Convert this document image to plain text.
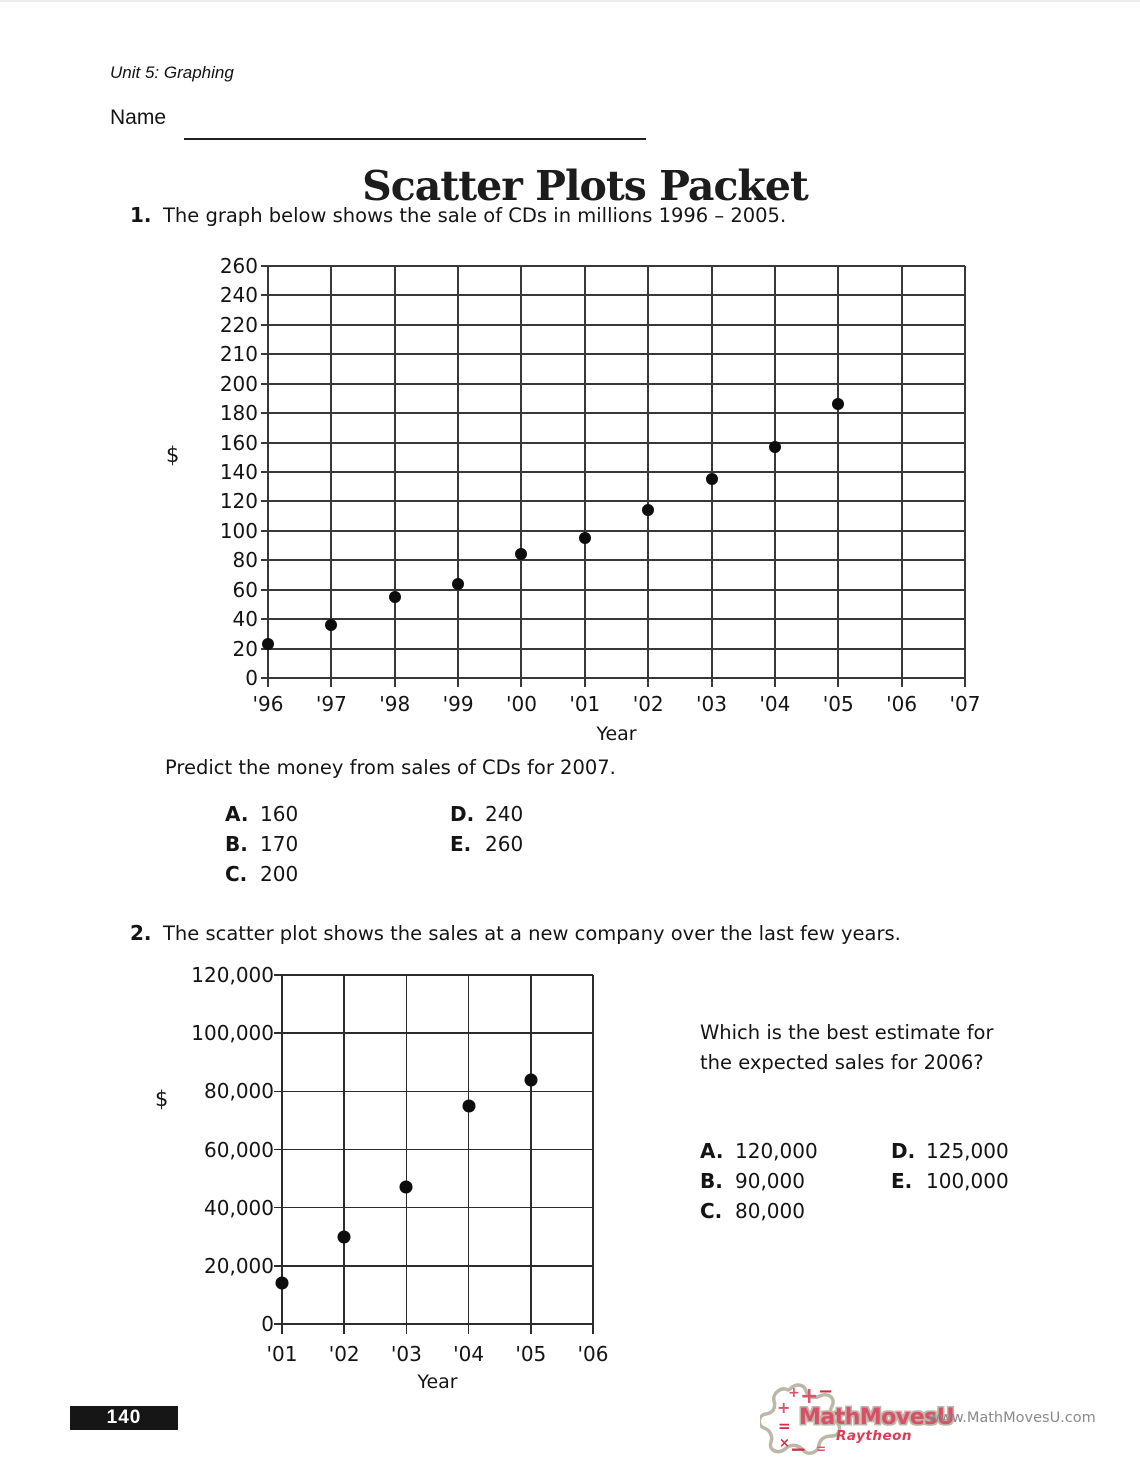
Unit 5: Graphing
Name
Scatter Plots Packet
1. The graph below shows the sale of CDs in millions 1996 – 2005.
260
240
220
210
200
180
160
140
120
100
80
60
40
20
0
$
'96 '97 '98 '99 '00 '01 '02 '03 '04 '05 '06 '07
Year
Predict the money from sales of CDs for 2007.
A. 160
B. 170
C. 200
D. 240
E. 260
2. The scatter plot shows the sales at a new company over the last few years.
120,000
100,000
80,000
60,000
40,000
20,000
0
$
'01 '02 '03 '04 '05 '06
Year
Which is the best estimate for the expected sales for 2006?
A. 120,000
B. 90,000
C. 80,000
D. 125,000
E. 100,000
140
+ + −
+
=
× − =
MathMovesU
Raytheon
www.MathMovesU.com
